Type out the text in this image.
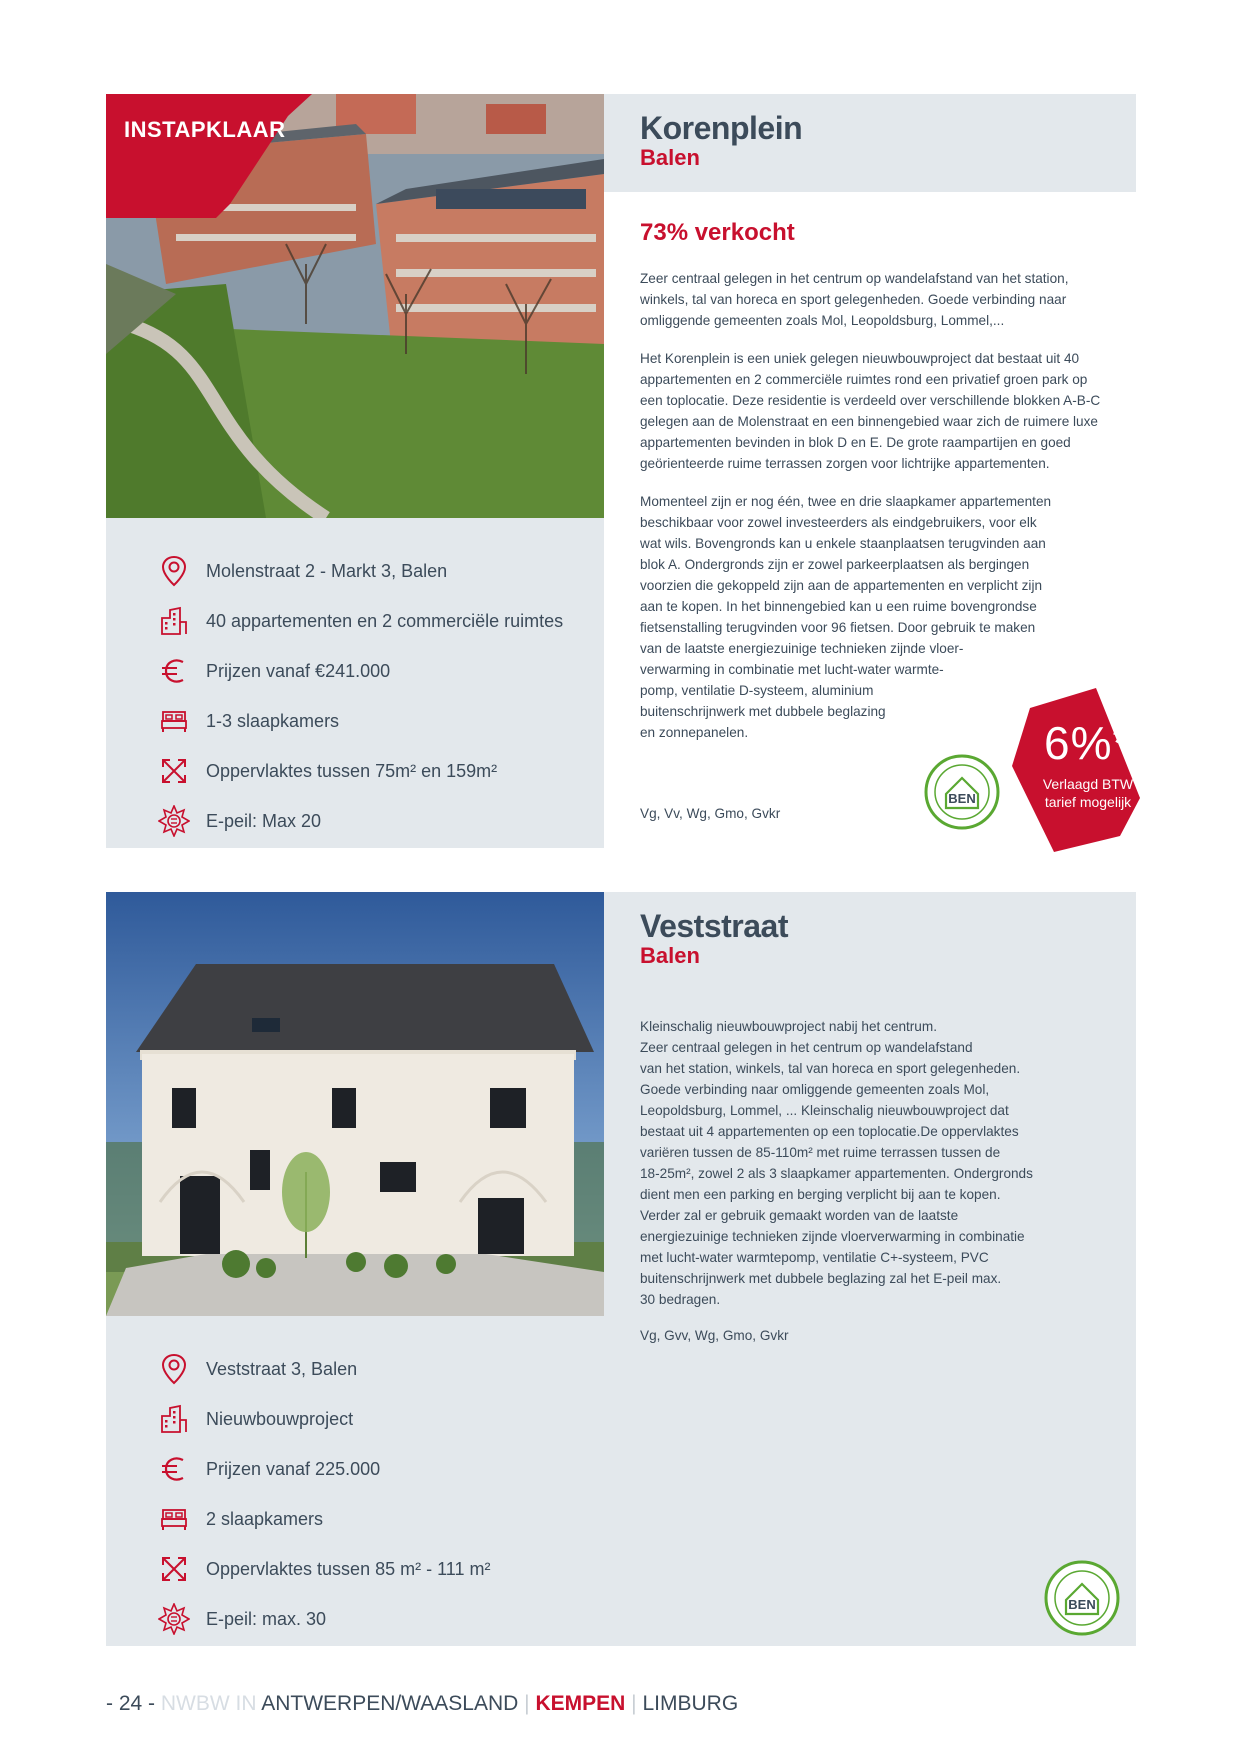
Molenstraat 2 - Markt 3, Balen
40 appartementen en 2 commerciële ruimtes
Prijzen vanaf €241.000
1-3 slaapkamers
Oppervlaktes tussen 75m² en 159m²
E-peil: Max 20
Korenplein
Balen
73% verkocht

Zeer centraal gelegen in het centrum op wandelafstand van het station, winkels, tal van horeca en sport gelegenheden. Goede verbinding naar omliggende gemeenten zoals Mol, Leopoldsburg, Lommel,...

Het Korenplein is een uniek gelegen nieuwbouwproject dat bestaat uit 40 appartementen en 2 commerciële ruimtes rond een privatief groen park op een toplocatie. Deze residentie is verdeeld over verschillende blokken A-B-C gelegen aan de Molenstraat en een binnengebied waar zich de ruimere luxe appartementen bevinden in blok D en E. De grote raampartijen en goed geörienteerde ruime terrassen zorgen voor lichtrijke appartementen.

Momenteel zijn er nog één, twee en drie slaapkamer appartementen
beschikbaar voor zowel investeerders als eindgebruikers, voor elk
wat wils. Bovengronds kan u enkele staanplaatsen terugvinden aan
blok A. Ondergronds zijn er zowel parkeerplaatsen als bergingen
voorzien die gekoppeld zijn aan de appartementen en verplicht zijn
aan te kopen. In het binnengebied kan u een ruime bovengrondse
fietsenstalling terugvinden voor 96 fietsen. Door gebruik te maken
van de laatste energiezuinige technieken zijnde vloer-
verwarming in combinatie met lucht-water warmte-
pomp, ventilatie D-systeem, aluminium
buitenschrijnwerk met dubbele beglazing
en zonnepanelen.
Vg, Vv, Wg, Gmo, Gvkr
INSTAPKLAAR
BEN
6%*
Verlaagd BTW
tarief mogelijk
Veststraat 3, Balen
Nieuwbouwproject
Prijzen vanaf 225.000
2 slaapkamers
Oppervlaktes tussen 85 m² - 111 m²
E-peil: max. 30
Veststraat
Balen
Kleinschalig nieuwbouwproject nabij het centrum.
Zeer centraal gelegen in het centrum op wandelafstand
van het station, winkels, tal van horeca en sport gelegenheden.
Goede verbinding naar omliggende gemeenten zoals Mol,
Leopoldsburg, Lommel, ... Kleinschalig nieuwbouwproject dat
bestaat uit 4 appartementen op een toplocatie.De oppervlaktes
variëren tussen de 85-110m² met ruime terrassen tussen de
18-25m², zowel 2 als 3 slaapkamer appartementen. Ondergronds
dient men een parking en berging verplicht bij aan te kopen.
Verder zal er gebruik gemaakt worden van de laatste
energiezuinige technieken zijnde vloerverwarming in combinatie
met lucht-water warmtepomp, ventilatie C+-systeem, PVC
buitenschrijnwerk met dubbele beglazing zal het E-peil max.
30 bedragen.
Vg, Gvv, Wg, Gmo, Gvkr
BEN
- 24 - NWBW IN ANTWERPEN/WAASLAND | KEMPEN | LIMBURG
